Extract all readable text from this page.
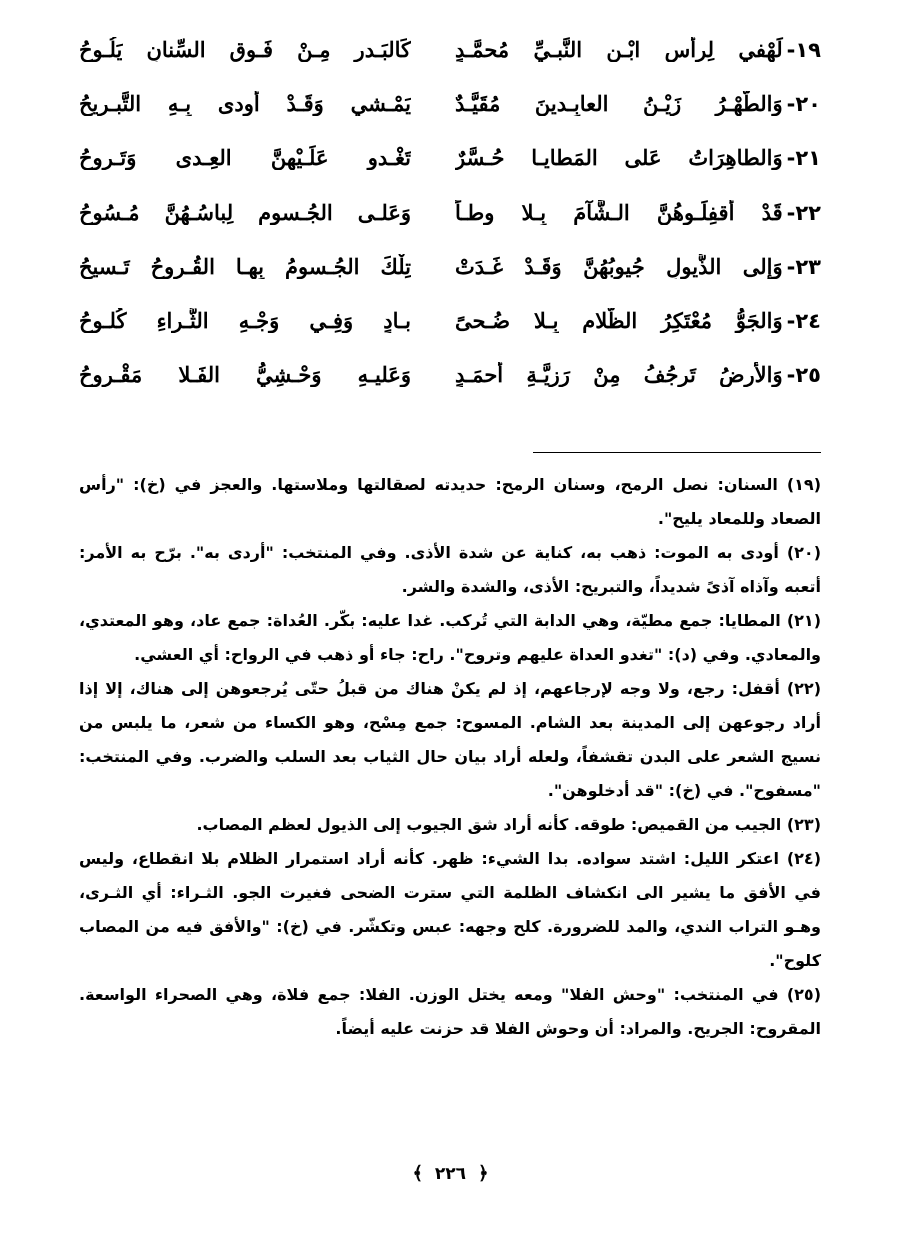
١٩-لَهْفي لِرأسِ ابْـنِ النَّبـيِّ مُحمَّـدٍ
كَالبَـدرِ مِـنْ فَـوقِ السِّنانِ يَلُـوحُ
٢٠-وَالطُّهْـرُ زَيْـنُ العابِـدينَ مُقَيَّـدٌ
يَمْـشي وَقَـدْ أودى بِـهِ التَّبـريحُ
٢١-وَالطاهِرَاتُ عَلى المَطايـا حُـسَّرٌ
تَغْـدو عَلَـيْهِنَّ العِـدى وَتَـروحُ
٢٢-قَدْ أُقفِلَـوهُنَّ الـشَّآمَ بِـلا وِطـاً
وَعَلـى الجُـسومِ لِباسُـهُنَّ مُـسُوحُ
٢٣-وَإلى الذُّيولِ جُيوبُهُنَّ وَقَـدْ غَـدَتْ
تِلْكَ الجُـسومُ بِهـا القُـروحُ تَـسيحُ
٢٤-وَالجَوُّ مُعْتَكِرُ الظَّلامِ بِـلا ضُـحىً
بـادٍ وَفِـي وَجْـهِ الثَّـراءِ كُلـوحُ
٢٥-وَالأرضُ تَرجُفُ مِنْ رَزِيَّـةِ أحمَـدٍ
وَعَليـهِ وَحْـشِيُّ الفَـلا مَقْـروحُ

(١٩) السنان: نصل الرمح، وسنان الرمح: حديدته لصقالتها وملاستها. والعجز في (خ): "رأس الصعاد وللمعاد يليح".

(٢٠) أودى به الموت: ذهب به، كناية عن شدة الأذى. وفي المنتخب: "أردى به". برّح به الأمر: أتعبه وآذاه آذىً شديداً، والتبريح: الأذى، والشدة والشر.

(٢١) المطايا: جمع مطيّة، وهي الدابة التي تُركب. غدا عليه: بكّر. العُداة: جمع عاد، وهو المعتدي، والمعادي. وفي (د): "تغدو العداة عليهم وتروح". راح: جاء أو ذهب في الرواح: أي العشي.

(٢٢) أقفل: رجع، ولا وجه لإرجاعهم، إذ لم يكنْ هناك من قبلُ حتّى يُرجعوهن إلى هناك، إلا إذا أراد رجوعهن إلى المدينة بعد الشام. المسوح: جمع مِسْح، وهو الكساء من شعر، ما يلبس من نسيج الشعر على البدن تقشفاً، ولعله أراد بيان حال الثياب بعد السلب والضرب. وفي المنتخب: "مسفوح". في (خ): "قد أدخلوهن".

(٢٣) الجيب من القميص: طوقه. كأنه أراد شق الجيوب إلى الذيول لعظم المصاب.

(٢٤) اعتكر الليل: اشتد سواده. بدا الشيء: ظهر. كأنه أراد استمرار الظلام بلا انقطاع، وليس في الأفق ما يشير الى انكشاف الظلمة التي سترت الضحى فغيرت الجو. الثـراء: أي الثـرى، وهـو التراب الندي، والمد للضرورة. كلح وجهه: عبس وتكشّر. في (خ): "والأفق فيه من المصاب كلوح".

(٢٥) في المنتخب: "وحش الفلا" ومعه يختل الوزن. الفلا: جمع فلاة، وهي الصحراء الواسعة. المقروح: الجريح. والمراد: أن وحوش الفلا قد حزنت عليه أيضاً.

﴿ ٢٢٦ ﴾
